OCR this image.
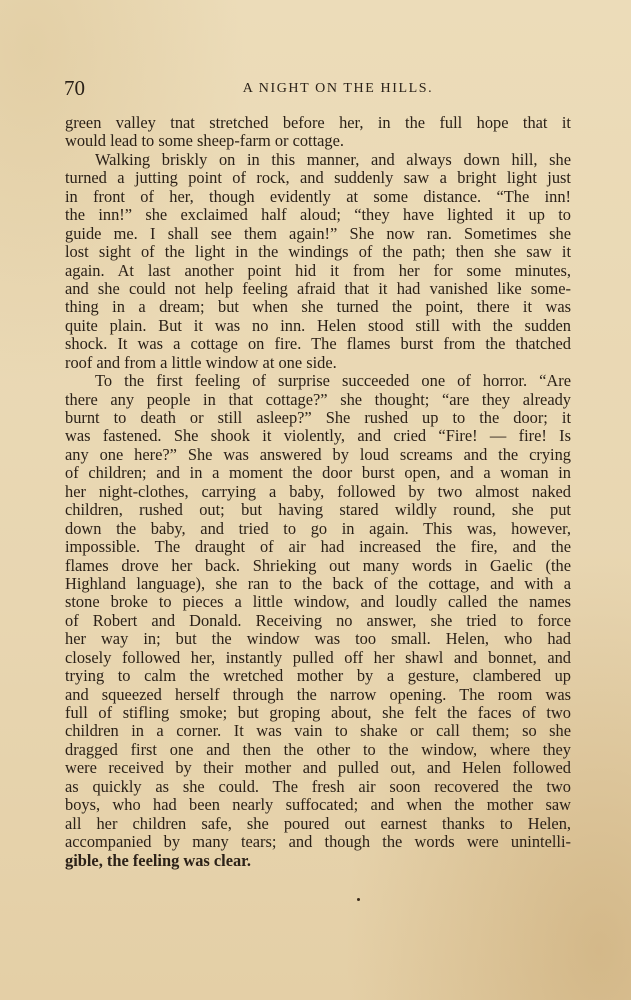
70	A NIGHT ON THE HILLS.
green valley tnat stretched before her, in the full hope that it
would lead to some sheep-farm or cottage.
Walking briskly on in this manner, and always down hill, she
turned a jutting point of rock, and suddenly saw a bright light just
in front of her, though evidently at some distance. “The inn!
the inn!” she exclaimed half aloud; “they have lighted it up to
guide me. I shall see them again!” She now ran. Sometimes she
lost sight of the light in the windings of the path; then she saw it
again. At last another point hid it from her for some minutes,
and she could not help feeling afraid that it had vanished like some-
thing in a dream; but when she turned the point, there it was
quite plain. But it was no inn. Helen stood still with the sudden
shock. It was a cottage on fire. The flames burst from the thatched
roof and from a little window at one side.
To the first feeling of surprise succeeded one of horror. “Are
there any people in that cottage?” she thought; “are they already
burnt to death or still asleep?” She rushed up to the door; it
was fastened. She shook it violently, and cried “Fire! — fire! Is
any one here?” She was answered by loud screams and the crying
of children; and in a moment the door burst open, and a woman in
her night-clothes, carrying a baby, followed by two almost naked
children, rushed out; but having stared wildly round, she put
down the baby, and tried to go in again. This was, however,
impossible. The draught of air had increased the fire, and the
flames drove her back. Shrieking out many words in Gaelic (the
Highland language), she ran to the back of the cottage, and with a
stone broke to pieces a little window, and loudly called the names
of Robert and Donald. Receiving no answer, she tried to force
her way in; but the window was too small. Helen, who had
closely followed her, instantly pulled off her shawl and bonnet, and
trying to calm the wretched mother by a gesture, clambered up
and squeezed herself through the narrow opening. The room was
full of stifling smoke; but groping about, she felt the faces of two
children in a corner. It was vain to shake or call them; so she
dragged first one and then the other to the window, where they
were received by their mother and pulled out, and Helen followed
as quickly as she could. The fresh air soon recovered the two
boys, who had been nearly suffocated; and when the mother saw
all her children safe, she poured out earnest thanks to Helen,
accompanied by many tears; and though the words were unintelli-
gible, the feeling was clear.
